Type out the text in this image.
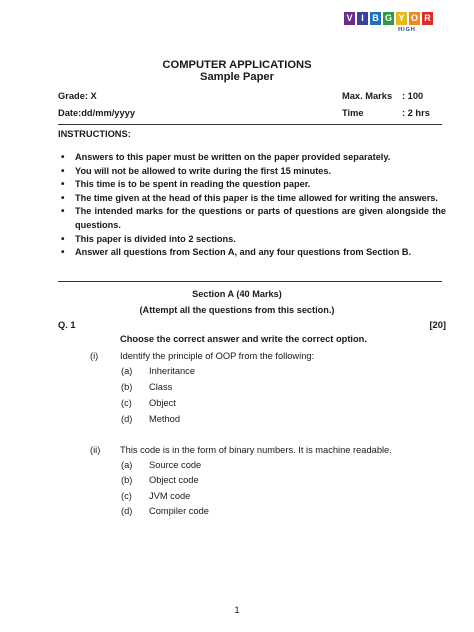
V I B G Y O R
HIGH
COMPUTER APPLICATIONS
Sample Paper
Grade: X	Max. Marks : 100
Date:dd/mm/yyyy	Time	: 2 hrs
INSTRUCTIONS:
• Answers to this paper must be written on the paper provided separately.
• You will not be allowed to write during the first 15 minutes.
• This time is to be spent in reading the question paper.
• The time given at the head of this paper is the time allowed for writing the answers.
• The intended marks for the questions or parts of questions are given alongside the questions.
• This paper is divided into 2 sections.
• Answer all questions from Section A, and any four questions from Section B.
Section A (40 Marks)
(Attempt all the questions from this section.)
Q. 1	[20]
Choose the correct answer and write the correct option.
(i) Identify the principle of OOP from the following:
(a) Inheritance
(b) Class
(c) Object
(d) Method
(ii) This code is in the form of binary numbers. It is machine readable.
(a) Source code
(b) Object code
(c) JVM code
(d) Compiler code
1
